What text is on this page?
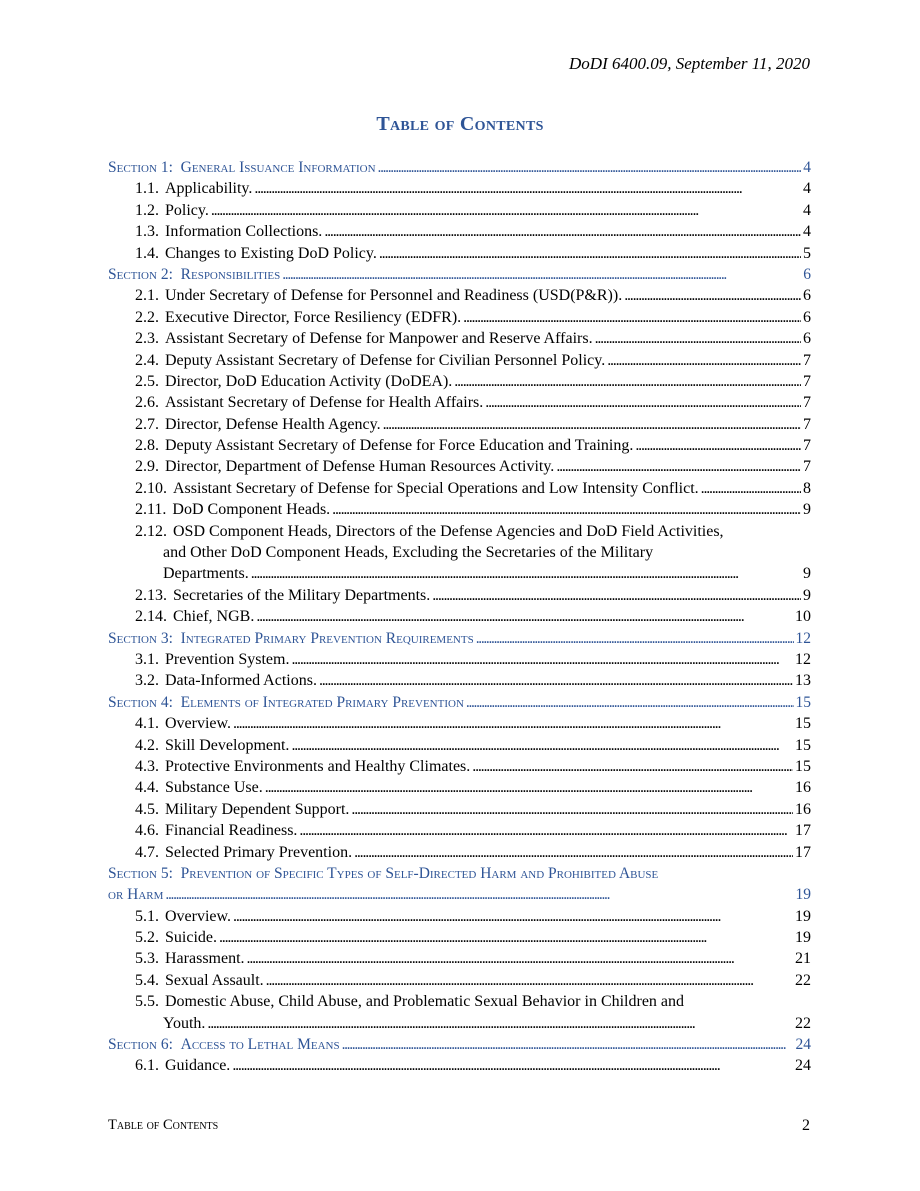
DoDI 6400.09, September 11, 2020
Table of Contents
Section 1: General Issuance Information . . .	4
1.1. Applicability. . . .	4
1.2. Policy. . . .	4
1.3. Information Collections. . . .	4
1.4. Changes to Existing DoD Policy. . . .	5
Section 2: Responsibilities . . .	6
2.1. Under Secretary of Defense for Personnel and Readiness (USD(P&R)). . . .	6
2.2. Executive Director, Force Resiliency (EDFR). . . .	6
2.3. Assistant Secretary of Defense for Manpower and Reserve Affairs. . . .	6
2.4. Deputy Assistant Secretary of Defense for Civilian Personnel Policy. . . .	7
2.5. Director, DoD Education Activity (DoDEA). . . .	7
2.6. Assistant Secretary of Defense for Health Affairs. . . .	7
2.7. Director, Defense Health Agency. . . .	7
2.8. Deputy Assistant Secretary of Defense for Force Education and Training. . . .	7
2.9. Director, Department of Defense Human Resources Activity. . . .	7
2.10. Assistant Secretary of Defense for Special Operations and Low Intensity Conflict. . . .	8
2.11. DoD Component Heads. . . .	9
2.12. OSD Component Heads, Directors of the Defense Agencies and DoD Field Activities,
and Other DoD Component Heads, Excluding the Secretaries of the Military
Departments. . . .	9
2.13. Secretaries of the Military Departments. . . .	9
2.14. Chief, NGB. . . .	10
Section 3: Integrated Primary Prevention Requirements . . .	12
3.1. Prevention System. . . .	12
3.2. Data-Informed Actions. . . .	13
Section 4: Elements of Integrated Primary Prevention . . .	15
4.1. Overview. . . .	15
4.2. Skill Development. . . .	15
4.3. Protective Environments and Healthy Climates. . . .	15
4.4. Substance Use. . . .	16
4.5. Military Dependent Support. . . .	16
4.6. Financial Readiness. . . .	17
4.7. Selected Primary Prevention. . . .	17
Section 5: Prevention of Specific Types of Self-Directed Harm and Prohibited Abuse
or Harm . . .	19
5.1. Overview. . . .	19
5.2. Suicide. . . .	19
5.3. Harassment. . . .	21
5.4. Sexual Assault. . . .	22
5.5. Domestic Abuse, Child Abuse, and Problematic Sexual Behavior in Children and
Youth. . . .	22
Section 6: Access to Lethal Means . . .	24
6.1. Guidance. . . .	24
Table of Contents	2
